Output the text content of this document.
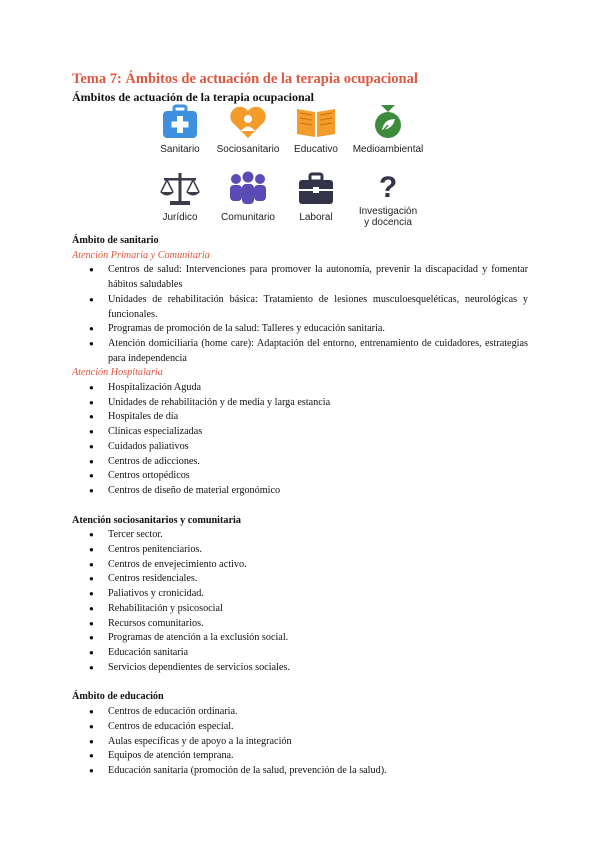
Tema 7: Ámbitos de actuación de la terapia ocupacional
Ámbitos de actuación de la terapia ocupacional
Sanitario	Sociosanitario	Educativo	Medioambiental
Jurídico	Comunitario	Laboral
?
Investigación
y docencia

Ámbito de sanitario

Atención Primaria y Comunitaria

● Centros de salud: Intervenciones para promover la autonomía, prevenir la discapacidad y fomentar hábitos saludables
● Unidades de rehabilitación básica: Tratamiento de lesiones musculoesqueléticas, neurológicas y funcionales.
● Programas de promoción de la salud: Talleres y educación sanitaria.
● Atención domiciliaria (home care): Adaptación del entorno, entrenamiento de cuidadores, estrategias para independencia

Atención Hospitalaria

● Hospitalización Aguda
● Unidades de rehabilitación y de media y larga estancia
● Hospitales de día
● Clínicas especializadas
● Cuidados paliativos
● Centros de adicciones.
● Centros ortopédicos
● Centros de diseño de material ergonómico

Atención sociosanitarios y comunitaria

● Tercer sector.
● Centros penitenciarios.
● Centros de envejecimiento activo.
● Centros residenciales.
● Paliativos y cronicidad.
● Rehabilitación y psicosocial
● Recursos comunitarios.
● Programas de atención a la exclusión social.
● Educación sanitaria
● Servicios dependientes de servicios sociales.

Ámbito de educación

● Centros de educación ordinaria.
● Centros de educación especial.
● Aulas específicas y de apoyo a la integración
● Equipos de atención temprana.
● Educación sanitaria (promoción de la salud, prevención de la salud).
